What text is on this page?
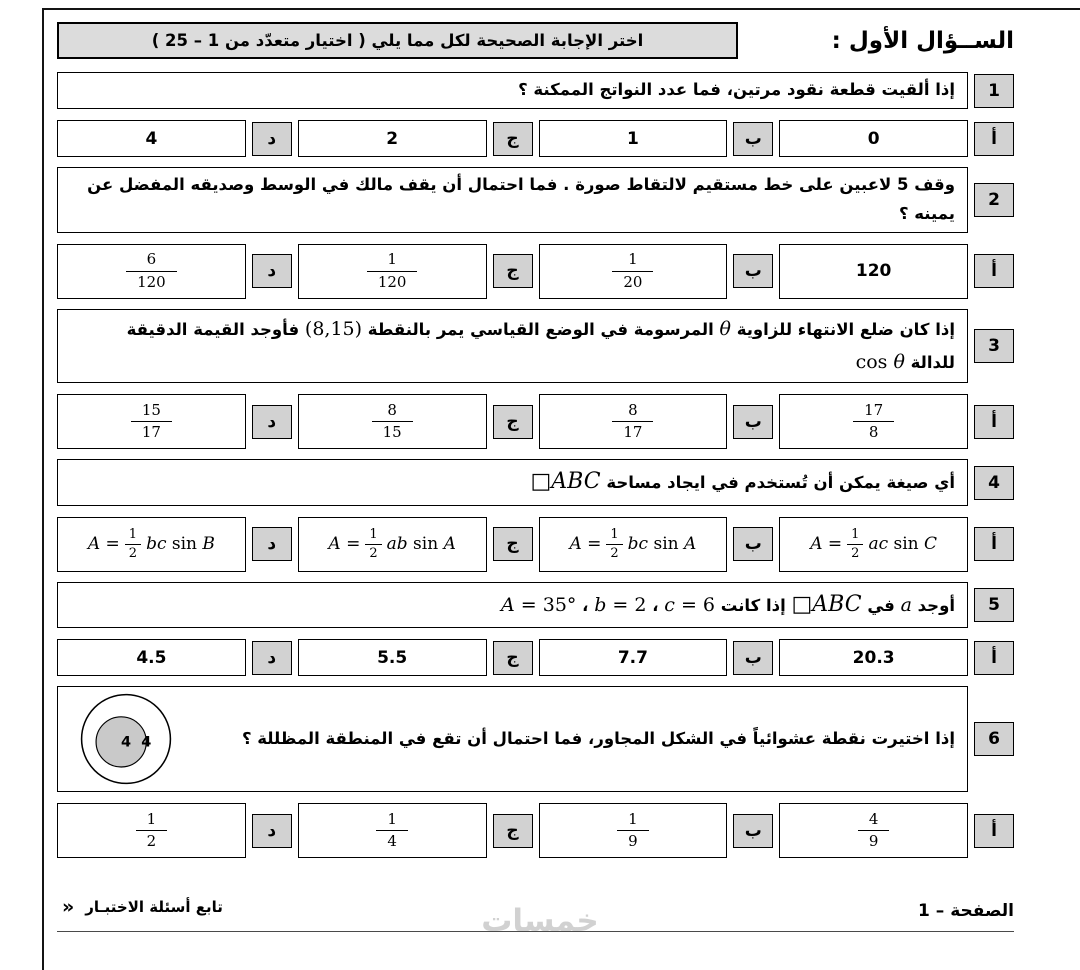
الســؤال الأول :
اختر الإجابة الصحيحة لكل مما يلي ( اختيار متعدّد من 1 – 25 )
1
إذا ألقيت قطعة نقود مرتين، فما عدد النواتج الممكنة ؟
أ
0
ب
1
ج
2
د
4
2
وقف 5 لاعبين على خط مستقيم لالتقاط صورة . فما احتمال أن يقف مالك في الوسط وصديقه المفضل عن يمينه ؟
أ
120
ب
$\frac{1}{20}$
ج
$\frac{1}{120}$
د
$\frac{6}{120}$
3
إذا كان ضلع الانتهاء للزاوية θ المرسومة في الوضع القياسي يمر بالنقطة (8,15) فأوجد القيمة الدقيقة
للدالة cos θ
أ
$\frac{17}{8}$
ب
$\frac{8}{17}$
ج
$\frac{8}{15}$
د
$\frac{15}{17}$
4
أي صيغة يمكن أن تُستخدم في ايجاد مساحة □ABC
أ
$A = \frac{1}{2}$ ac sin C
ب
$A = \frac{1}{2}$ bc sin A
ج
$A = \frac{1}{2}$ ab sin A
د
$A = \frac{1}{2}$ bc sin B
5
أوجد a في □ABC إذا كانت c = 6 ، b = 2 ، A = 35°
أ
20.3
ب
7.7
ج
5.5
د
4.5
6
إذا اختيرت نقطة عشوائياً في الشكل المجاور، فما احتمال أن تقع في المنطقة المظللة ؟
4 4
أ
$\frac{4}{9}$
ب
$\frac{1}{9}$
ج
$\frac{1}{4}$
د
$\frac{1}{2}$
الصفحة – 1
تابع أسئلة الاختبـار
«	خمسات
